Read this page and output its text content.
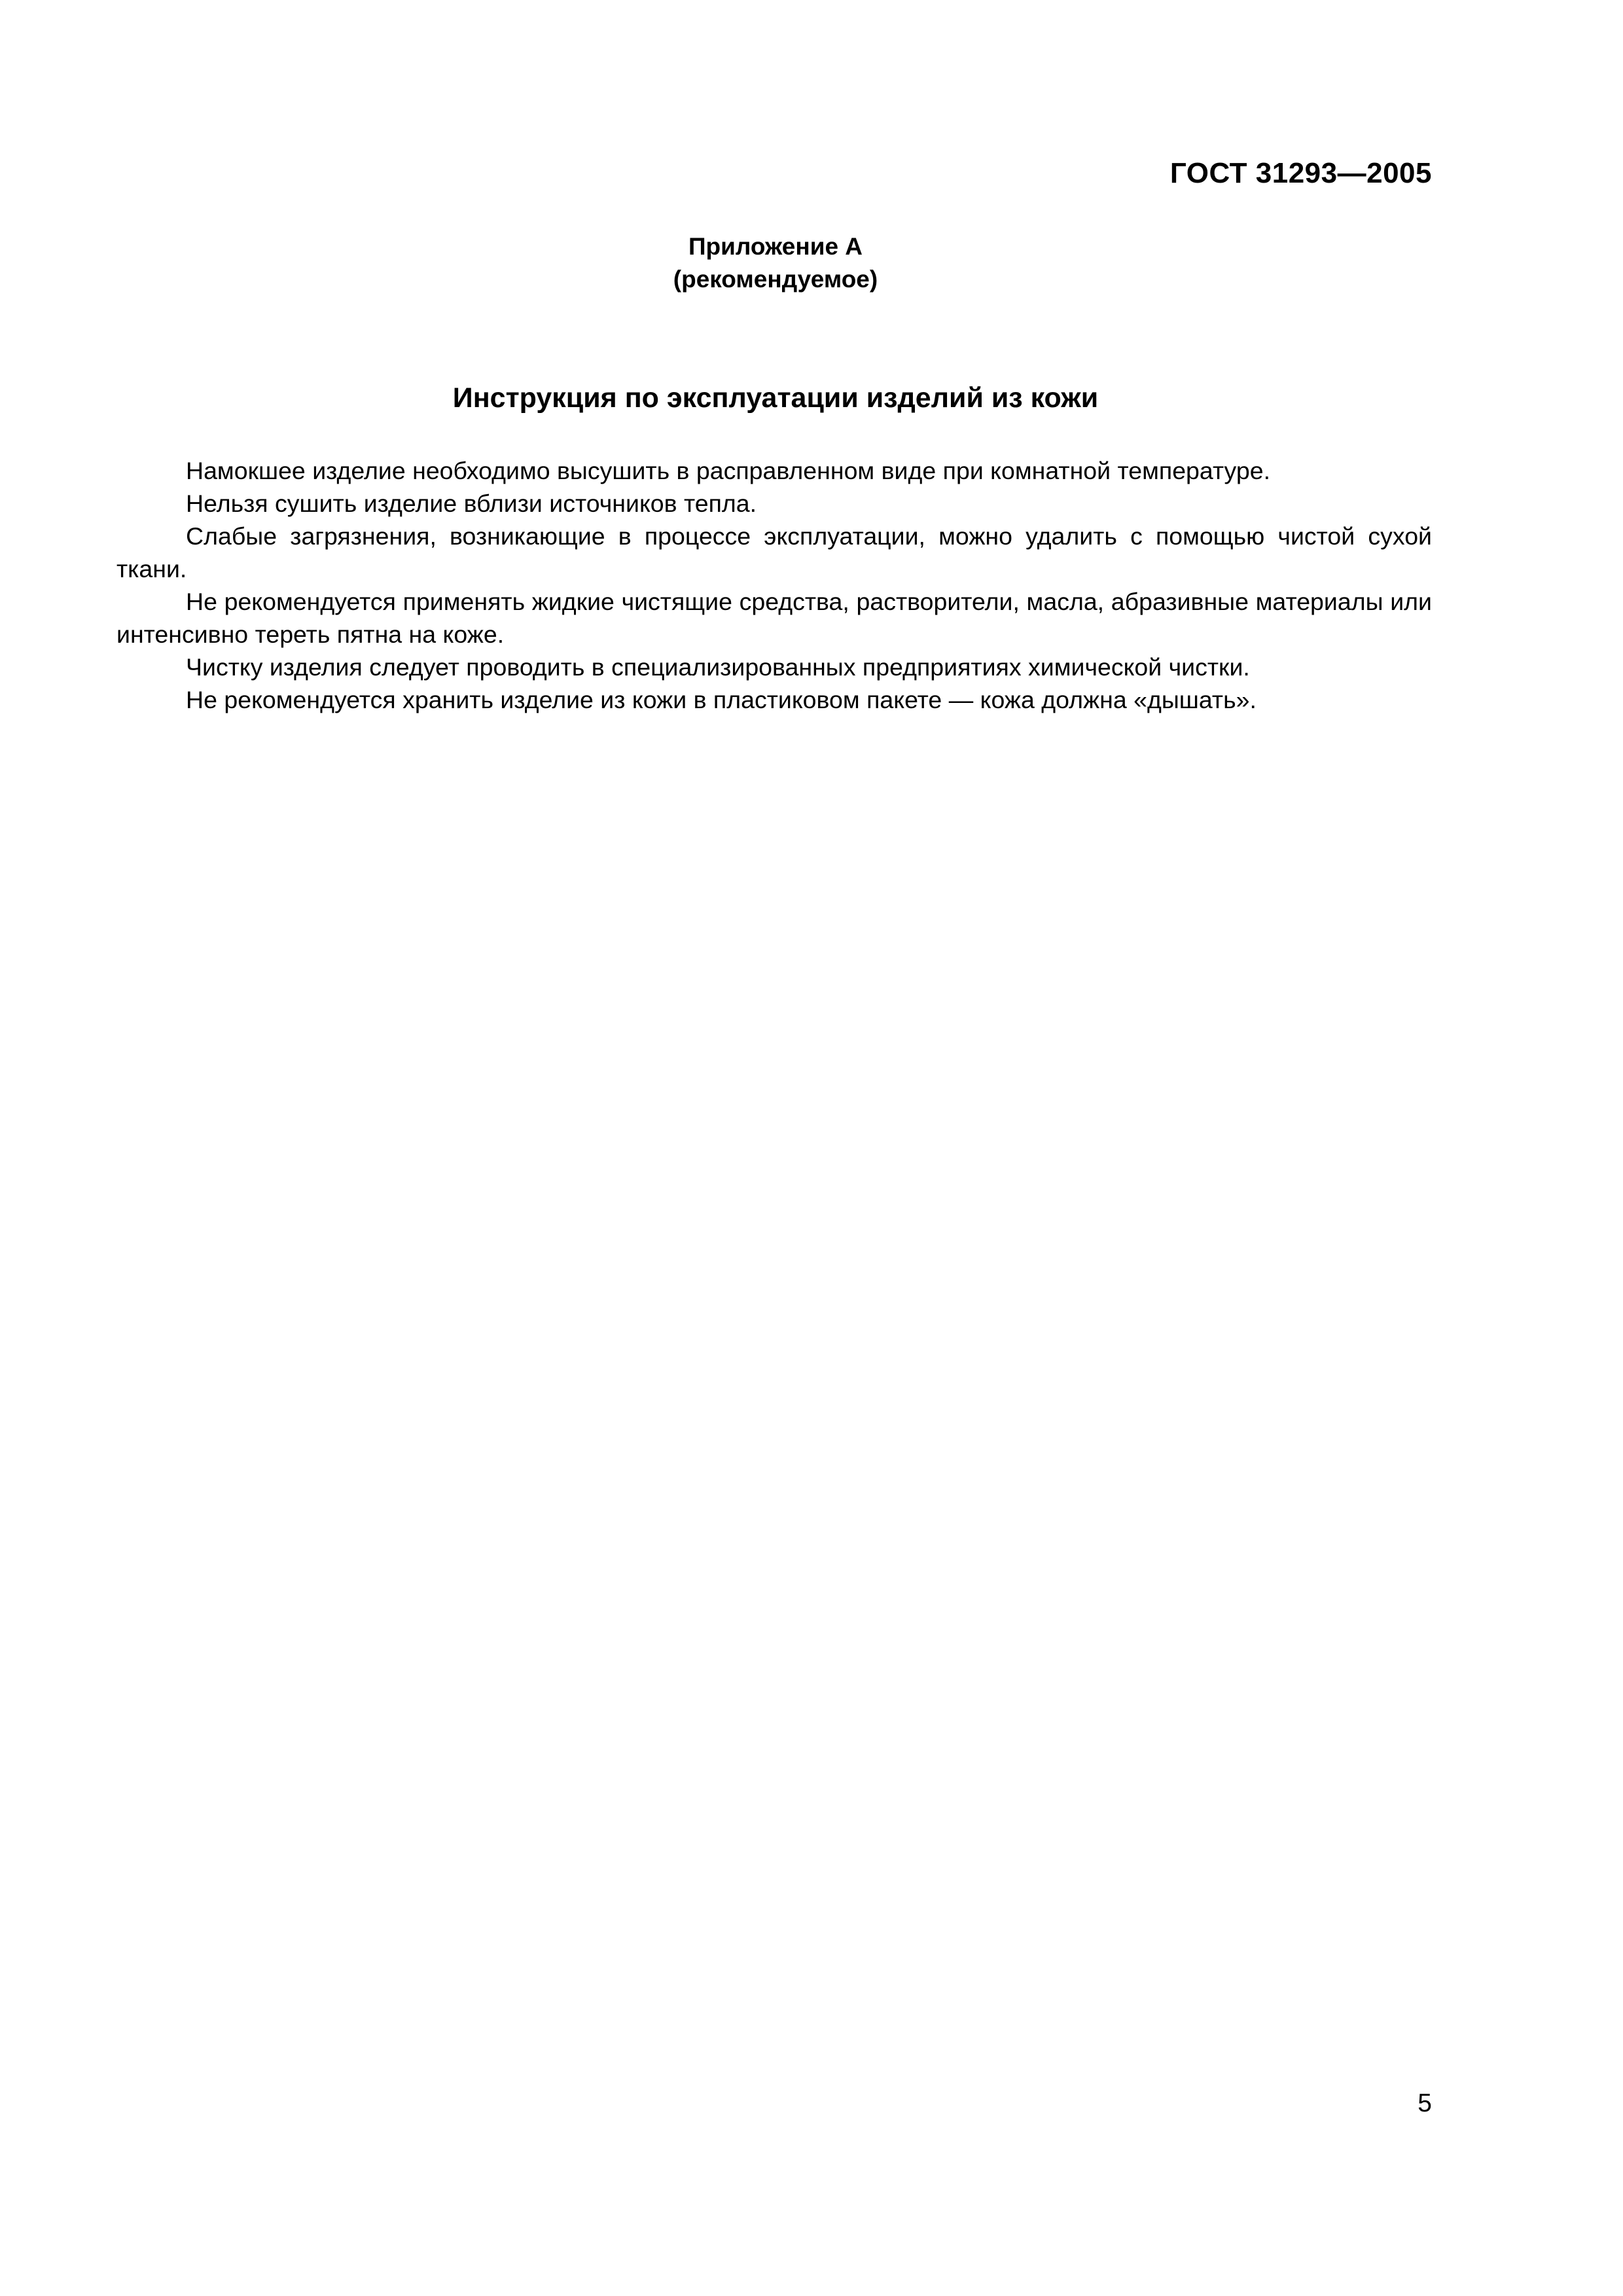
ГОСТ 31293—2005
Приложение А
(рекомендуемое)
Инструкция по эксплуатации изделий из кожи

Намокшее изделие необходимо высушить в расправленном виде при комнатной температуре.

Нельзя сушить изделие вблизи источников тепла.

Слабые загрязнения, возникающие в процессе эксплуатации, можно удалить с помощью чистой сухой ткани.

Не рекомендуется применять жидкие чистящие средства, растворители, масла, абразивные материалы или интенсивно тереть пятна на коже.

Чистку изделия следует проводить в специализированных предприятиях химической чистки.

Не рекомендуется хранить изделие из кожи в пластиковом пакете — кожа должна «дышать».

5
